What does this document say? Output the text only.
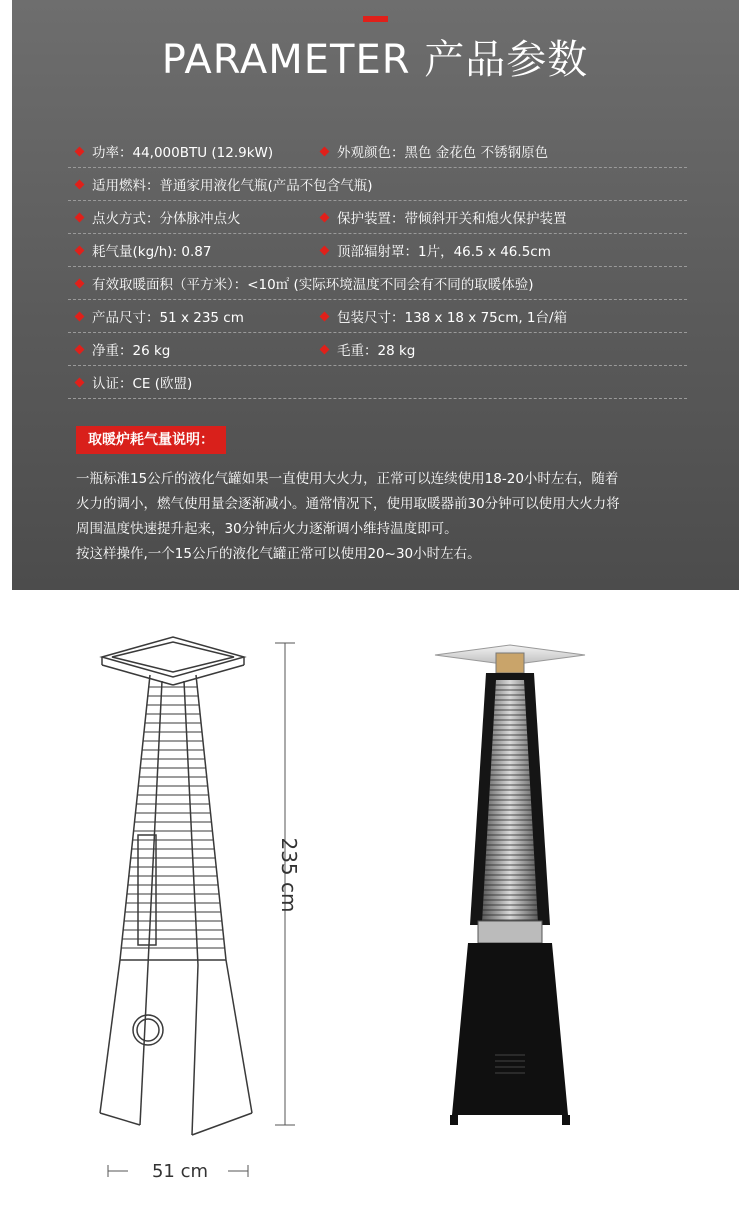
PARAMETER 产品参数
功率：44,000BTU (12.9kW)	外观颜色：黑色 金花色 不锈钢原色
适用燃料：普通家用液化气瓶(产品不包含气瓶)
点火方式：分体脉冲点火	保护装置：带倾斜开关和熄火保护装置
耗气量(kg/h): 0.87	顶部辐射罩：1片，46.5 x 46.5cm
有效取暖面积（平方米）：<10㎡ (实际环境温度不同会有不同的取暖体验)
产品尺寸：51 x 235 cm	包装尺寸：138 x 18 x 75cm, 1台/箱
净重：26 kg	毛重：28 kg
认证：CE (欧盟)
取暖炉耗气量说明：

一瓶标准15公斤的液化气罐如果一直使用大火力，正常可以连续使用18-20小时左右，随着

火力的调小，燃气使用量会逐渐减小。通常情况下，使用取暖器前30分钟可以使用大火力将

周围温度快速提升起来，30分钟后火力逐渐调小维持温度即可。

按这样操作,一个15公斤的液化气罐正常可以使用20~30小时左右。

235 cm
51 cm
